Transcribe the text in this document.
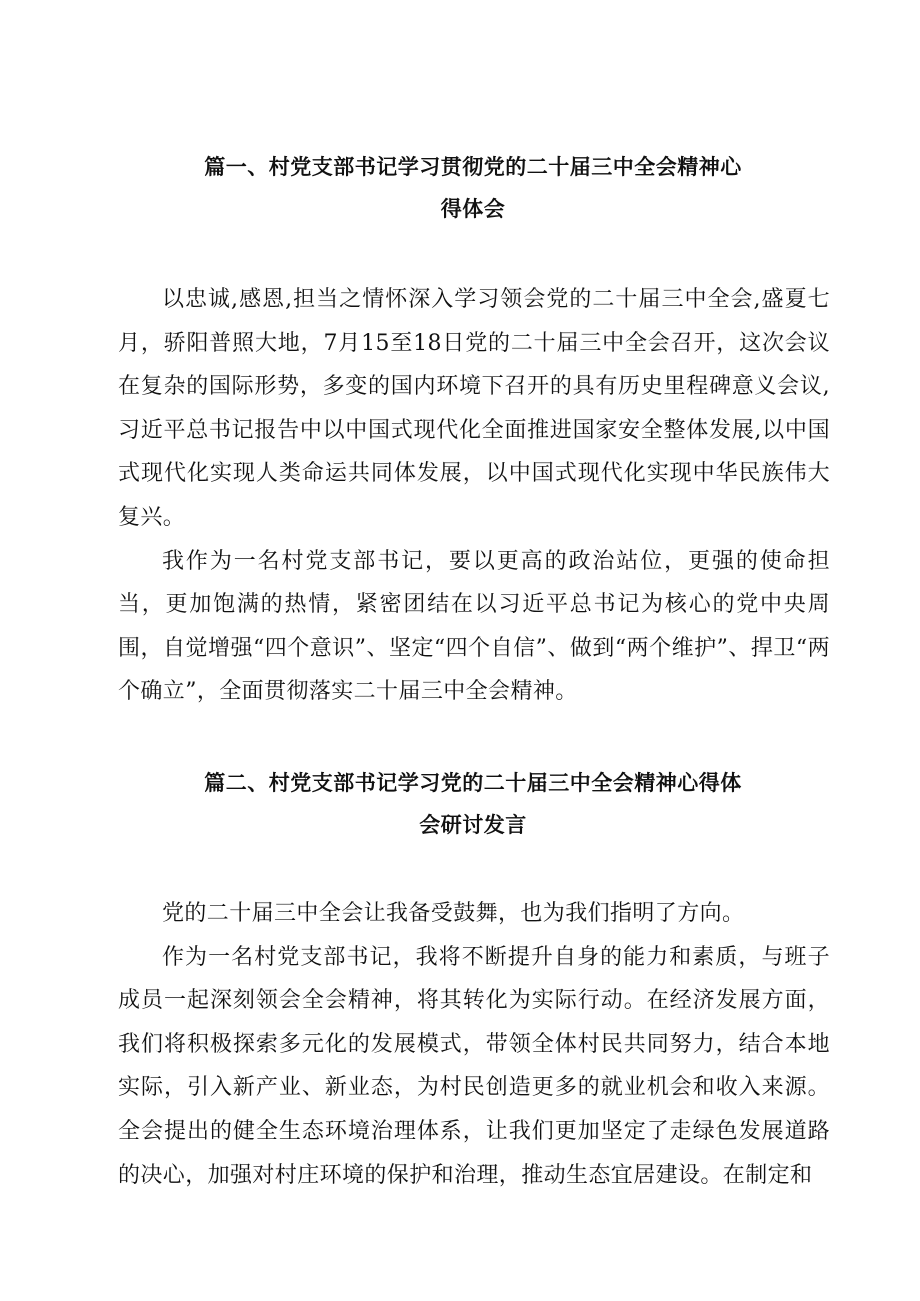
篇一、村党支部书记学习贯彻党的二十届三中全会精神心
得体会

以忠诚,感恩,担当之情怀深入学习领会党的二十届三中全会,盛夏七月，骄阳普照大地，7月15至18日党的二十届三中全会召开，这次会议在复杂的国际形势，多变的国内环境下召开的具有历史里程碑意义会议,习近平总书记报告中以中国式现代化全面推进国家安全整体发展,以中国式现代化实现人类命运共同体发展，以中国式现代化实现中华民族伟大复兴。

我作为一名村党支部书记，要以更高的政治站位，更强的使命担当，更加饱满的热情，紧密团结在以习近平总书记为核心的党中央周围，自觉增强“四个意识”、坚定“四个自信”、做到“两个维护”、捍卫“两个确立”，全面贯彻落实二十届三中全会精神。

篇二、村党支部书记学习党的二十届三中全会精神心得体
会研讨发言

党的二十届三中全会让我备受鼓舞，也为我们指明了方向。

作为一名村党支部书记，我将不断提升自身的能力和素质，与班子成员一起深刻领会全会精神，将其转化为实际行动。在经济发展方面，我们将积极探索多元化的发展模式，带领全体村民共同努力，结合本地实际，引入新产业、新业态，为村民创造更多的就业机会和收入来源。全会提出的健全生态环境治理体系，让我们更加坚定了走绿色发展道路的决心，加强对村庄环境的保护和治理，推动生态宜居建设。在制定和
